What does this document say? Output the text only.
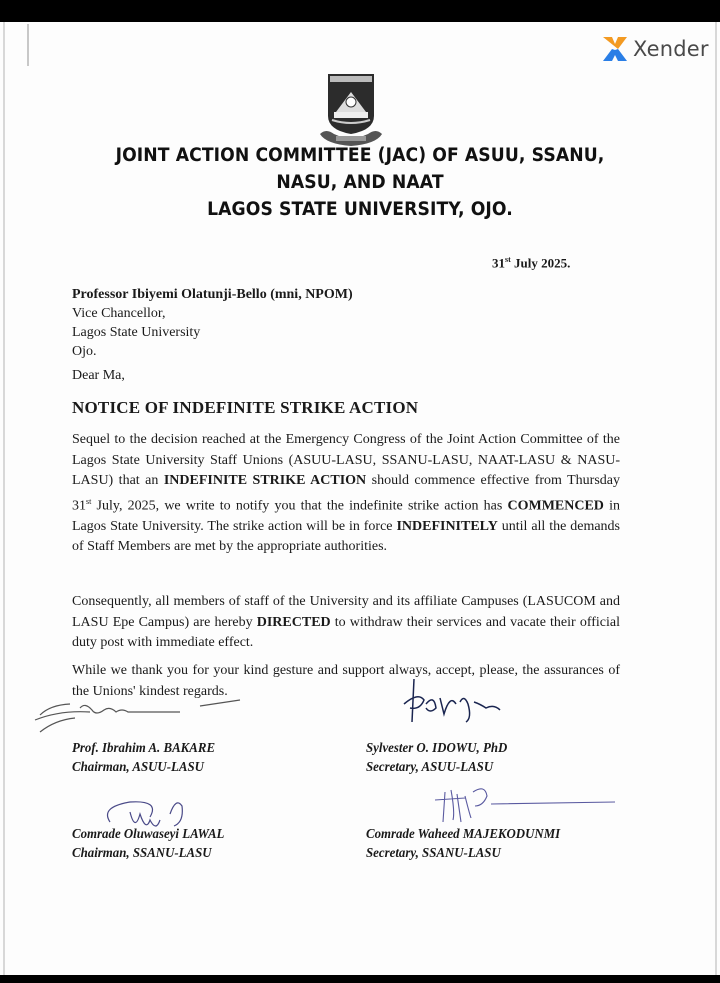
Xender
JOINT ACTION COMMITTEE (JAC) OF ASUU, SSANU,
NASU, AND NAAT
LAGOS STATE UNIVERSITY, OJO.
31st July 2025.
Professor Ibiyemi Olatunji-Bello (mni, NPOM)
Vice Chancellor,
Lagos State University
Ojo.
Dear Ma,
NOTICE OF INDEFINITE STRIKE ACTION
Sequel to the decision reached at the Emergency Congress of the Joint Action Committee of the Lagos State University Staff Unions (ASUU-LASU, SSANU-LASU, NAAT-LASU & NASU-LASU) that an INDEFINITE STRIKE ACTION should commence effective from Thursday 31st July, 2025, we write to notify you that the indefinite strike action has COMMENCED in Lagos State University. The strike action will be in force INDEFINITELY until all the demands of Staff Members are met by the appropriate authorities.
Consequently, all members of staff of the University and its affiliate Campuses (LASUCOM and LASU Epe Campus) are hereby DIRECTED to withdraw their services and vacate their official duty post with immediate effect.
While we thank you for your kind gesture and support always, accept, please, the assurances of the Unions' kindest regards.
Prof. Ibrahim A. BAKARE
Chairman, ASUU-LASU
Sylvester O. IDOWU, PhD
Secretary, ASUU-LASU
Comrade Oluwaseyi LAWAL
Chairman, SSANU-LASU
Comrade Waheed MAJEKODUNMI
Secretary, SSANU-LASU
